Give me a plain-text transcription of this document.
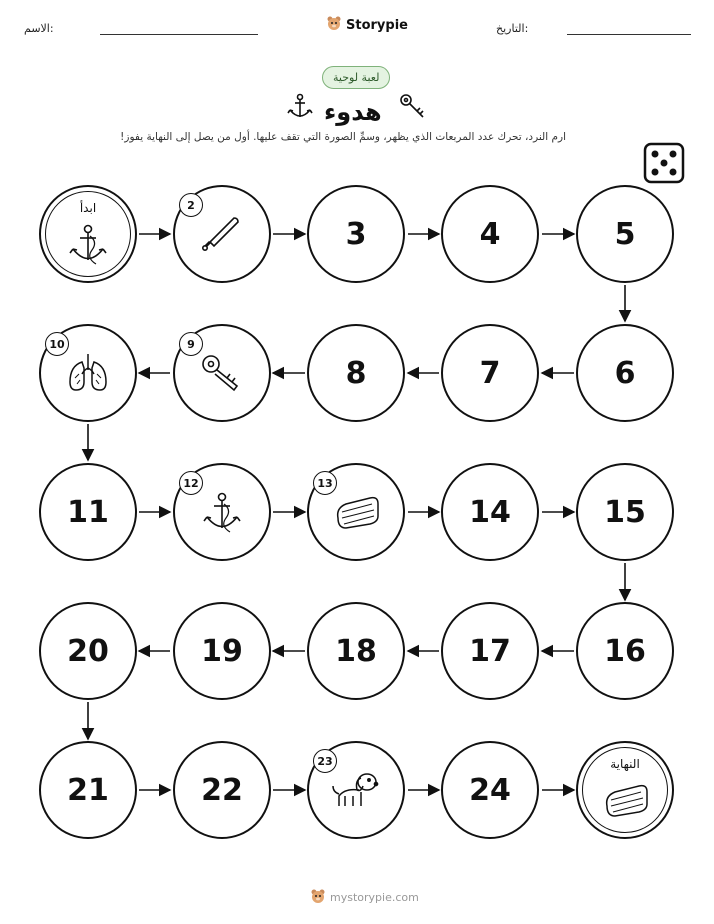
الاسم:	Storypie	التاريخ:
لعبة لوحية
هدوء
ارم النرد، تحرك عدد المربعات الذي يظهر، وسمِّ الصورة التي تقف عليها. أول من يصل إلى النهاية يفوز!
ابدأ	2
3	4	5
6
7
8
9
10
11
12	13
14	15
16
17
18
19
20
21	22
23
24
النهاية
mystorypie.com
